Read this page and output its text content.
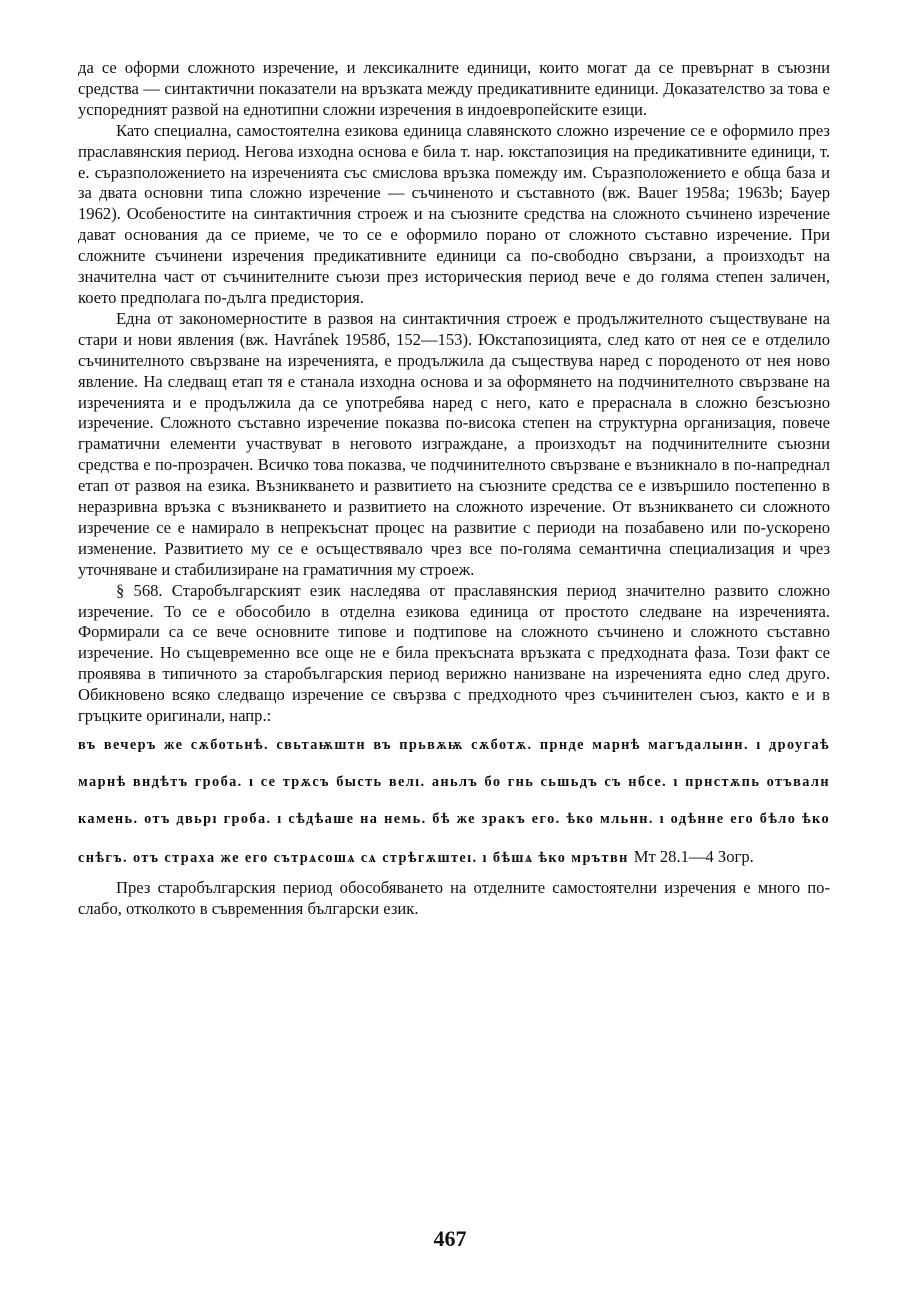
да се оформи сложното изречение, и лексикалните единици, които могат да се превърнат в съюзни средства — синтактични показатели на връзката между предикативните единици. Доказателство за това е успоредният развой на еднотипни сложни изречения в индоевропейските езици.

Като специална, самостоятелна езикова единица славянското сложно изречение се е оформило през праславянския период. Негова изходна основа е била т. нар. юкстапозиция на предикативните единици, т. е. съразположението на изреченията със смислова връзка помежду им. Съразположението е обща база и за двата основни типа сложно изречение — съчиненото и съставното (вж. Bauer 1958a; 1963b; Бауер 1962). Особеностите на синтактичния строеж и на съюзните средства на сложното съчинено изречение дават основания да се приеме, че то се е оформило порано от сложното съставно изречение. При сложните съчинени изречения предикативните единици са по-свободно свързани, а произходът на значителна част от съчинителните съюзи през историческия период вече е до голяма степен заличен, което предполага по-дълга предистория.

Една от закономерностите в развоя на синтактичния строеж е продължителното съществуване на стари и нови явления (вж. Havránek 1958б, 152—153). Юкстапозицията, след като от нея се е отделило съчинителното свързване на изреченията, е продължила да съществува наред с породеното от нея ново явление. На следващ етап тя е станала изходна основа и за оформянето на подчинителното свързване на изреченията и е продължила да се употребява наред с него, като е прераснала в сложно безсъюзно изречение. Сложното съставно изречение показва по-висока степен на структурна организация, повече граматични елементи участвуват в неговото изграждане, а произходът на подчинителните съюзни средства е по-прозрачен. Всичко това показва, че подчинителното свързване е възникнало в по-напреднал етап от развоя на езика. Възникването и развитието на съюзните средства се е извършило постепенно в неразривна връзка с възникването и развитието на сложното изречение. От възникването си сложното изречение се е намирало в непрекъснат процес на развитие с периоди на позабавено или по-ускорено изменение. Развитието му се е осъществявало чрез все по-голяма семантична специализация и чрез уточняване и стабилизиране на граматичния му строеж.

§ 568. Старобългарският език наследява от праславянския период значително развито сложно изречение. То се е обособило в отделна езикова единица от простото следване на изреченията. Формирали са се вече основните типове и подтипове на сложното съчинено и сложното съставно изречение. Но същевременно все още не е била прекъсната връзката с предходната фаза. Този факт се проявява в типичното за старобългарския период верижно нанизване на изреченията едно след друго. Обикновено всяко следващо изречение се свързва с предходното чрез съчинителен съюз, както е и в гръцките оригинали, напр.:

въ вечеръ же сѫботьнѣ. свьтаѭштн въ прьвѫѭ сѫботѫ. прнде марнѣ магъдалынн. ı дроугаѣ марнѣ вндѣтъ гроба. ı се трѫсъ бысть велı. аньлъ бо гнь сьшьдъ съ нбсе. ı прнстѫпь отъвалн камень. отъ двьрı гроба. ı сѣдѣаше на немь. бѣ же зракъ его. ѣко мльнн. ı одѣнне его бѣло ѣко снѣгъ. отъ страха же его сътрѧсошѧ сѧ стрѣгѫштеı. ı бѣшѧ ѣко мрътвн Мт 28.1—4 Зогр.

През старобългарския период обособяването на отделните самостоятелни изречения е много по-слабо, отколкото в съвременния български език.

467
